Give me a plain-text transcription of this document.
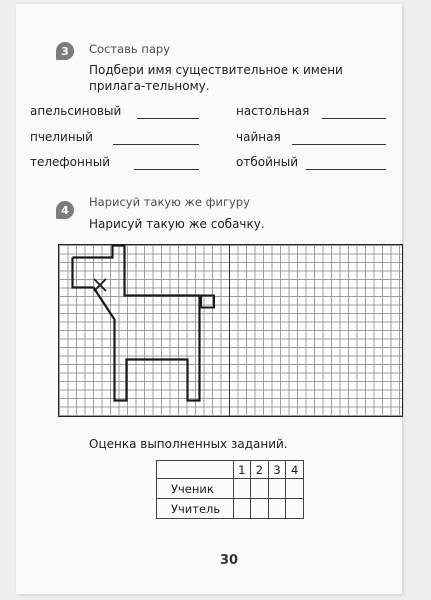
3 Составь пару
Подбери имя существительное к имени прилага-тельному.
апельсиновый	настольная
пчелиный	чайная
телефонный	отбойный
4
Нарисуй такую же фигуру
Нарисуй такую же собачку.
Оценка выполненных заданий.
	1	2	3	4
Ученик				
Учитель				
30
